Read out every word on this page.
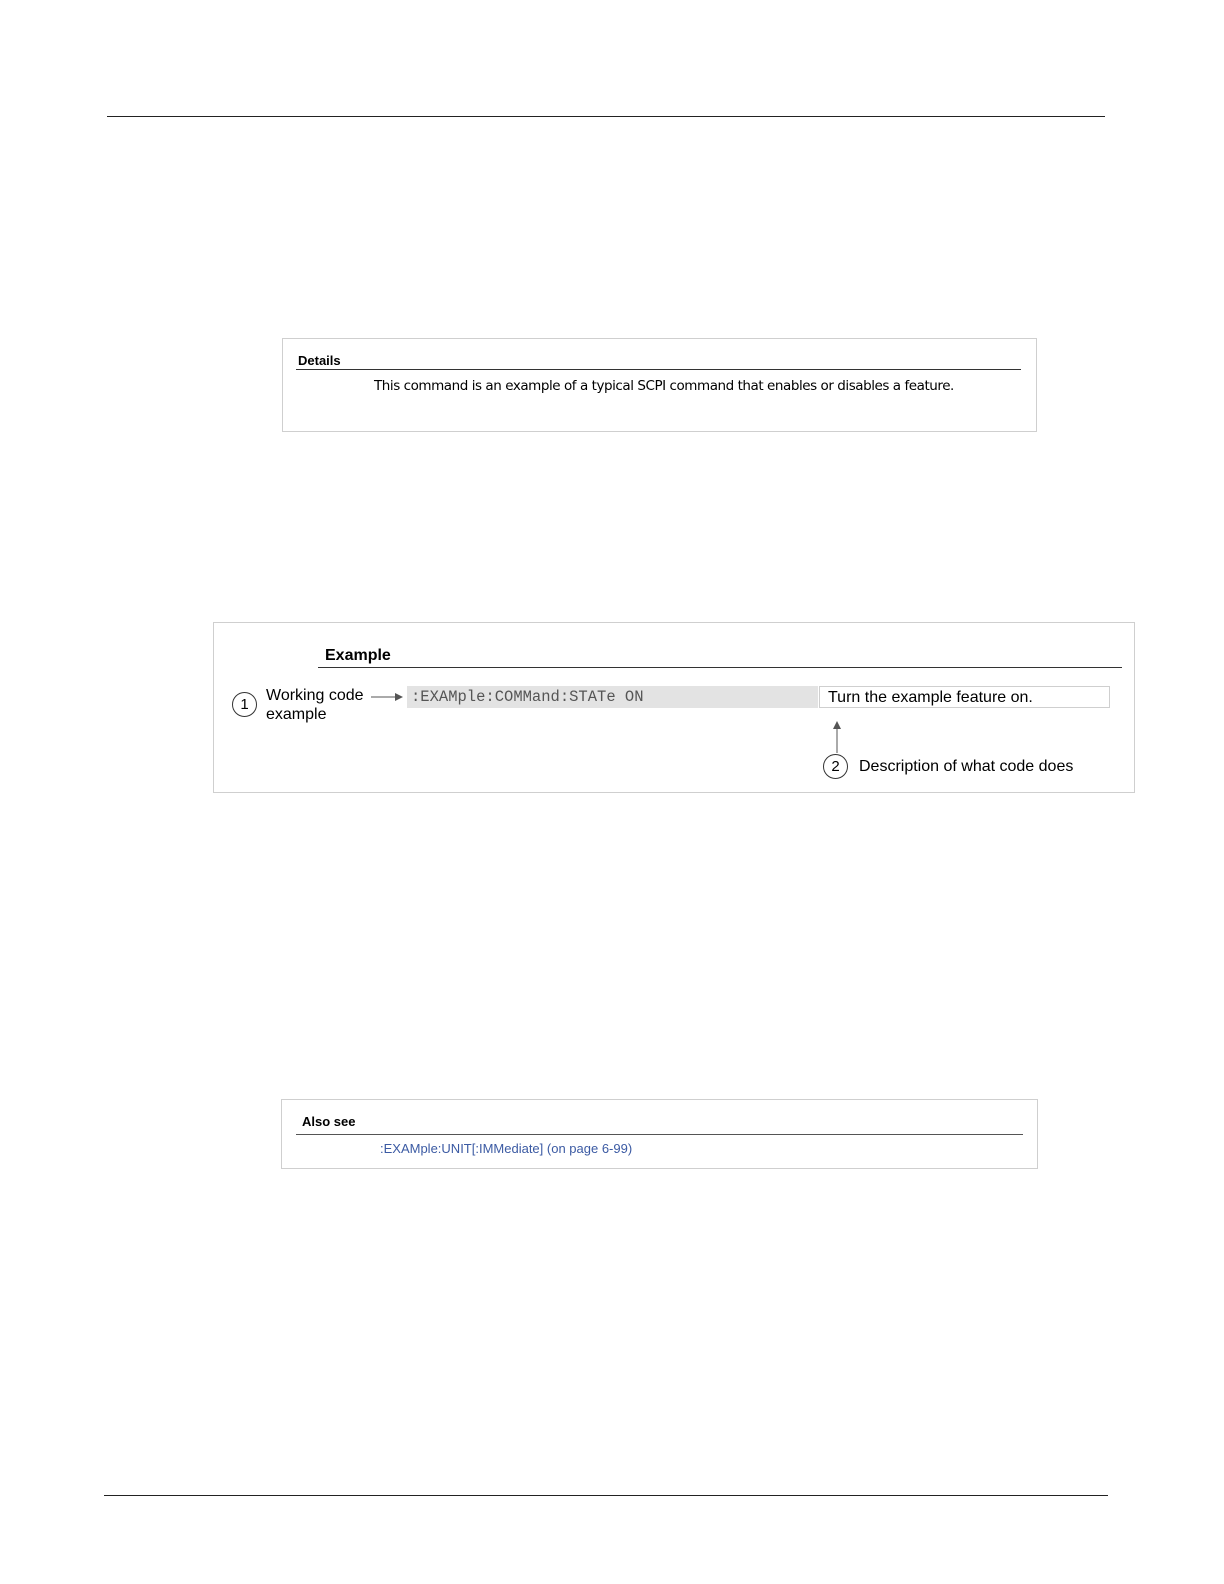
Details
This command is an example of a typical SCPI command that enables or disables a feature.
Example
1
Working code example
:EXAMple:COMMand:STATe ON	Turn the example feature on.
2	Description of what code does
Also see
:EXAMple:UNIT[:IMMediate] (on page 6-99)
